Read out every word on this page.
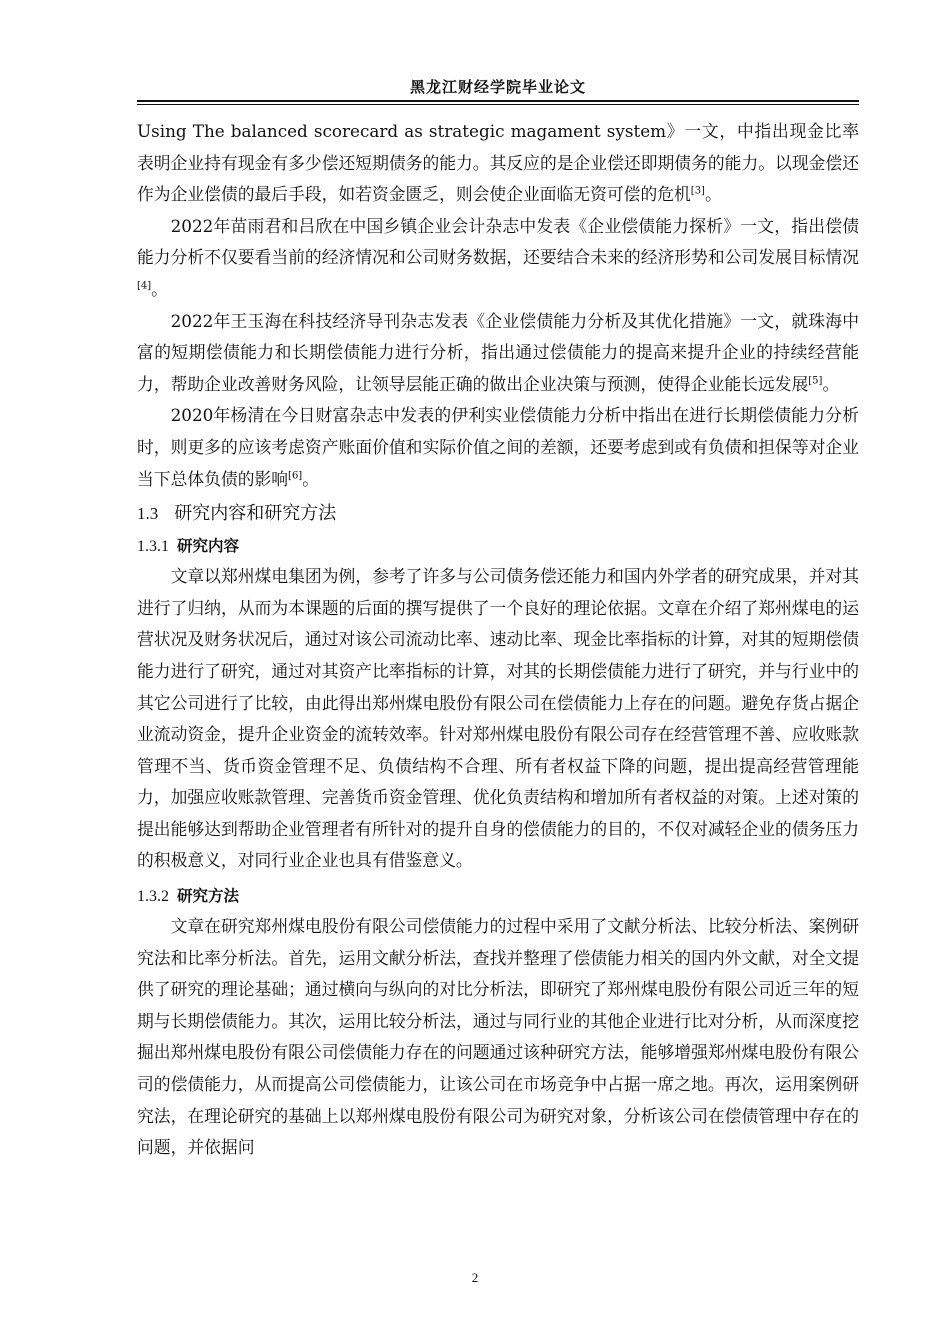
黑龙江财经学院毕业论文

Using The balanced scorecard as strategic magament system》一文，中指出现金比率表明企业持有现金有多少偿还短期债务的能力。其反应的是企业偿还即期债务的能力。以现金偿还作为企业偿债的最后手段，如若资金匮乏，则会使企业面临无资可偿的危机[3]。

2022年苗雨君和吕欣在中国乡镇企业会计杂志中发表《企业偿债能力探析》一文，指出偿债能力分析不仅要看当前的经济情况和公司财务数据，还要结合未来的经济形势和公司发展目标情况[4]。

2022年王玉海在科技经济导刊杂志发表《企业偿债能力分析及其优化措施》一文，就珠海中富的短期偿债能力和长期偿债能力进行分析，指出通过偿债能力的提高来提升企业的持续经营能力，帮助企业改善财务风险，让领导层能正确的做出企业决策与预测，使得企业能长远发展[5]。

2020年杨清在今日财富杂志中发表的伊利实业偿债能力分析中指出在进行长期偿债能力分析时，则更多的应该考虑资产账面价值和实际价值之间的差额，还要考虑到或有负债和担保等对企业当下总体负债的影响[6]。

1.3 研究内容和研究方法
1.3.1 研究内容

文章以郑州煤电集团为例，参考了许多与公司债务偿还能力和国内外学者的研究成果，并对其进行了归纳，从而为本课题的后面的撰写提供了一个良好的理论依据。文章在介绍了郑州煤电的运营状况及财务状况后，通过对该公司流动比率、速动比率、现金比率指标的计算，对其的短期偿债能力进行了研究，通过对其资产比率指标的计算，对其的长期偿债能力进行了研究，并与行业中的其它公司进行了比较，由此得出郑州煤电股份有限公司在偿债能力上存在的问题。避免存货占据企业流动资金，提升企业资金的流转效率。针对郑州煤电股份有限公司存在经营管理不善、应收账款管理不当、货币资金管理不足、负债结构不合理、所有者权益下降的问题，提出提高经营管理能力，加强应收账款管理、完善货币资金管理、优化负责结构和增加所有者权益的对策。上述对策的提出能够达到帮助企业管理者有所针对的提升自身的偿债能力的目的，不仅对减轻企业的债务压力的积极意义，对同行业企业也具有借鉴意义。

1.3.2 研究方法

文章在研究郑州煤电股份有限公司偿债能力的过程中采用了文献分析法、比较分析法、案例研究法和比率分析法。首先，运用文献分析法，查找并整理了偿债能力相关的国内外文献，对全文提供了研究的理论基础；通过横向与纵向的对比分析法，即研究了郑州煤电股份有限公司近三年的短期与长期偿债能力。其次，运用比较分析法，通过与同行业的其他企业进行比对分析，从而深度挖掘出郑州煤电股份有限公司偿债能力存在的问题通过该种研究方法，能够增强郑州煤电股份有限公司的偿债能力，从而提高公司偿债能力，让该公司在市场竞争中占据一席之地。再次，运用案例研究法，在理论研究的基础上以郑州煤电股份有限公司为研究对象，分析该公司在偿债管理中存在的问题，并依据问

2
